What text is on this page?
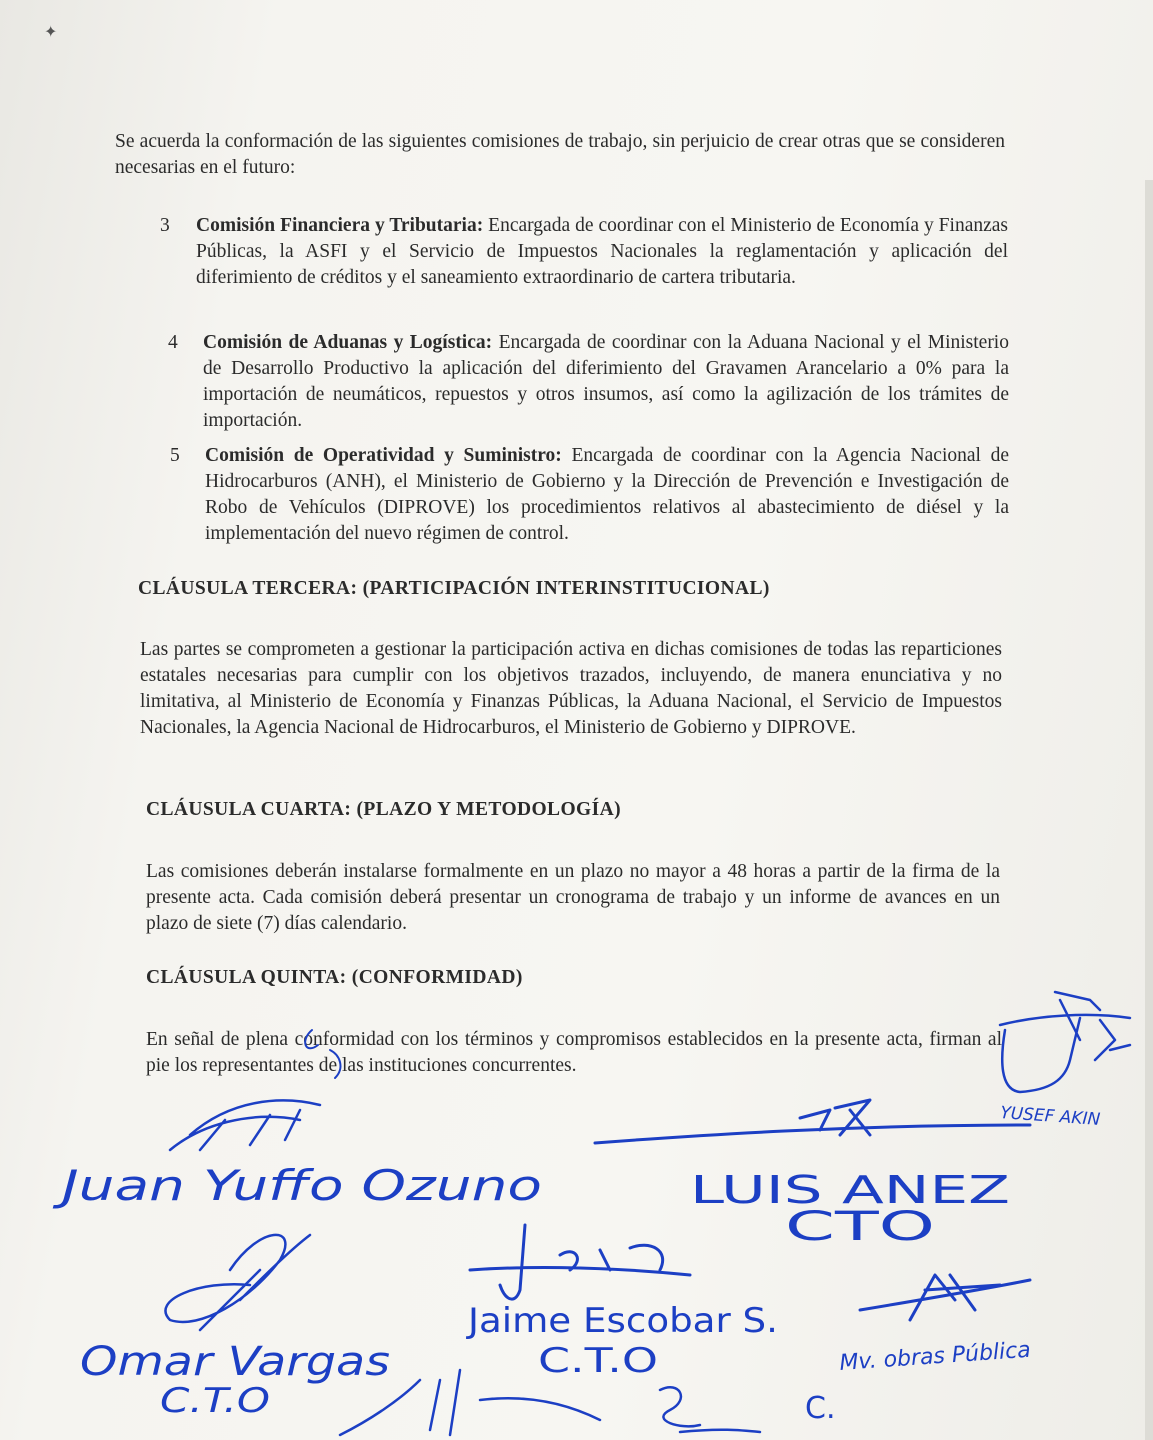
✦

Se acuerda la conformación de las siguientes comisiones de trabajo, sin perjuicio de crear otras que se consideren necesarias en el futuro:

3 Comisión Financiera y Tributaria: Encargada de coordinar con el Ministerio de Economía y Finanzas Públicas, la ASFI y el Servicio de Impuestos Nacionales la reglamentación y aplicación del diferimiento de créditos y el saneamiento extraordinario de cartera tributaria.

4 Comisión de Aduanas y Logística: Encargada de coordinar con la Aduana Nacional y el Ministerio de Desarrollo Productivo la aplicación del diferimiento del Gravamen Arancelario a 0% para la importación de neumáticos, repuestos y otros insumos, así como la agilización de los trámites de importación.

5 Comisión de Operatividad y Suministro: Encargada de coordinar con la Agencia Nacional de Hidrocarburos (ANH), el Ministerio de Gobierno y la Dirección de Prevención e Investigación de Robo de Vehículos (DIPROVE) los procedimientos relativos al abastecimiento de diésel y la implementación del nuevo régimen de control.

CLÁUSULA TERCERA: (PARTICIPACIÓN INTERINSTITUCIONAL)

Las partes se comprometen a gestionar la participación activa en dichas comisiones de todas las reparticiones estatales necesarias para cumplir con los objetivos trazados, incluyendo, de manera enunciativa y no limitativa, al Ministerio de Economía y Finanzas Públicas, la Aduana Nacional, el Servicio de Impuestos Nacionales, la Agencia Nacional de Hidrocarburos, el Ministerio de Gobierno y DIPROVE.

CLÁUSULA CUARTA: (PLAZO Y METODOLOGÍA)

Las comisiones deberán instalarse formalmente en un plazo no mayor a 48 horas a partir de la firma de la presente acta. Cada comisión deberá presentar un cronograma de trabajo y un informe de avances en un plazo de siete (7) días calendario.

CLÁUSULA QUINTA: (CONFORMIDAD)

En señal de plena conformidad con los términos y compromisos establecidos en la presente acta, firman al pie los representantes de las instituciones concurrentes.

YUSEF AKIN
Juan Yuffo Ozuno	LUIS ANEZ
CTO
Omar Vargas
C.T.O
Jaime Escobar S.
C.T.O	Mv. obras Pública
C.
